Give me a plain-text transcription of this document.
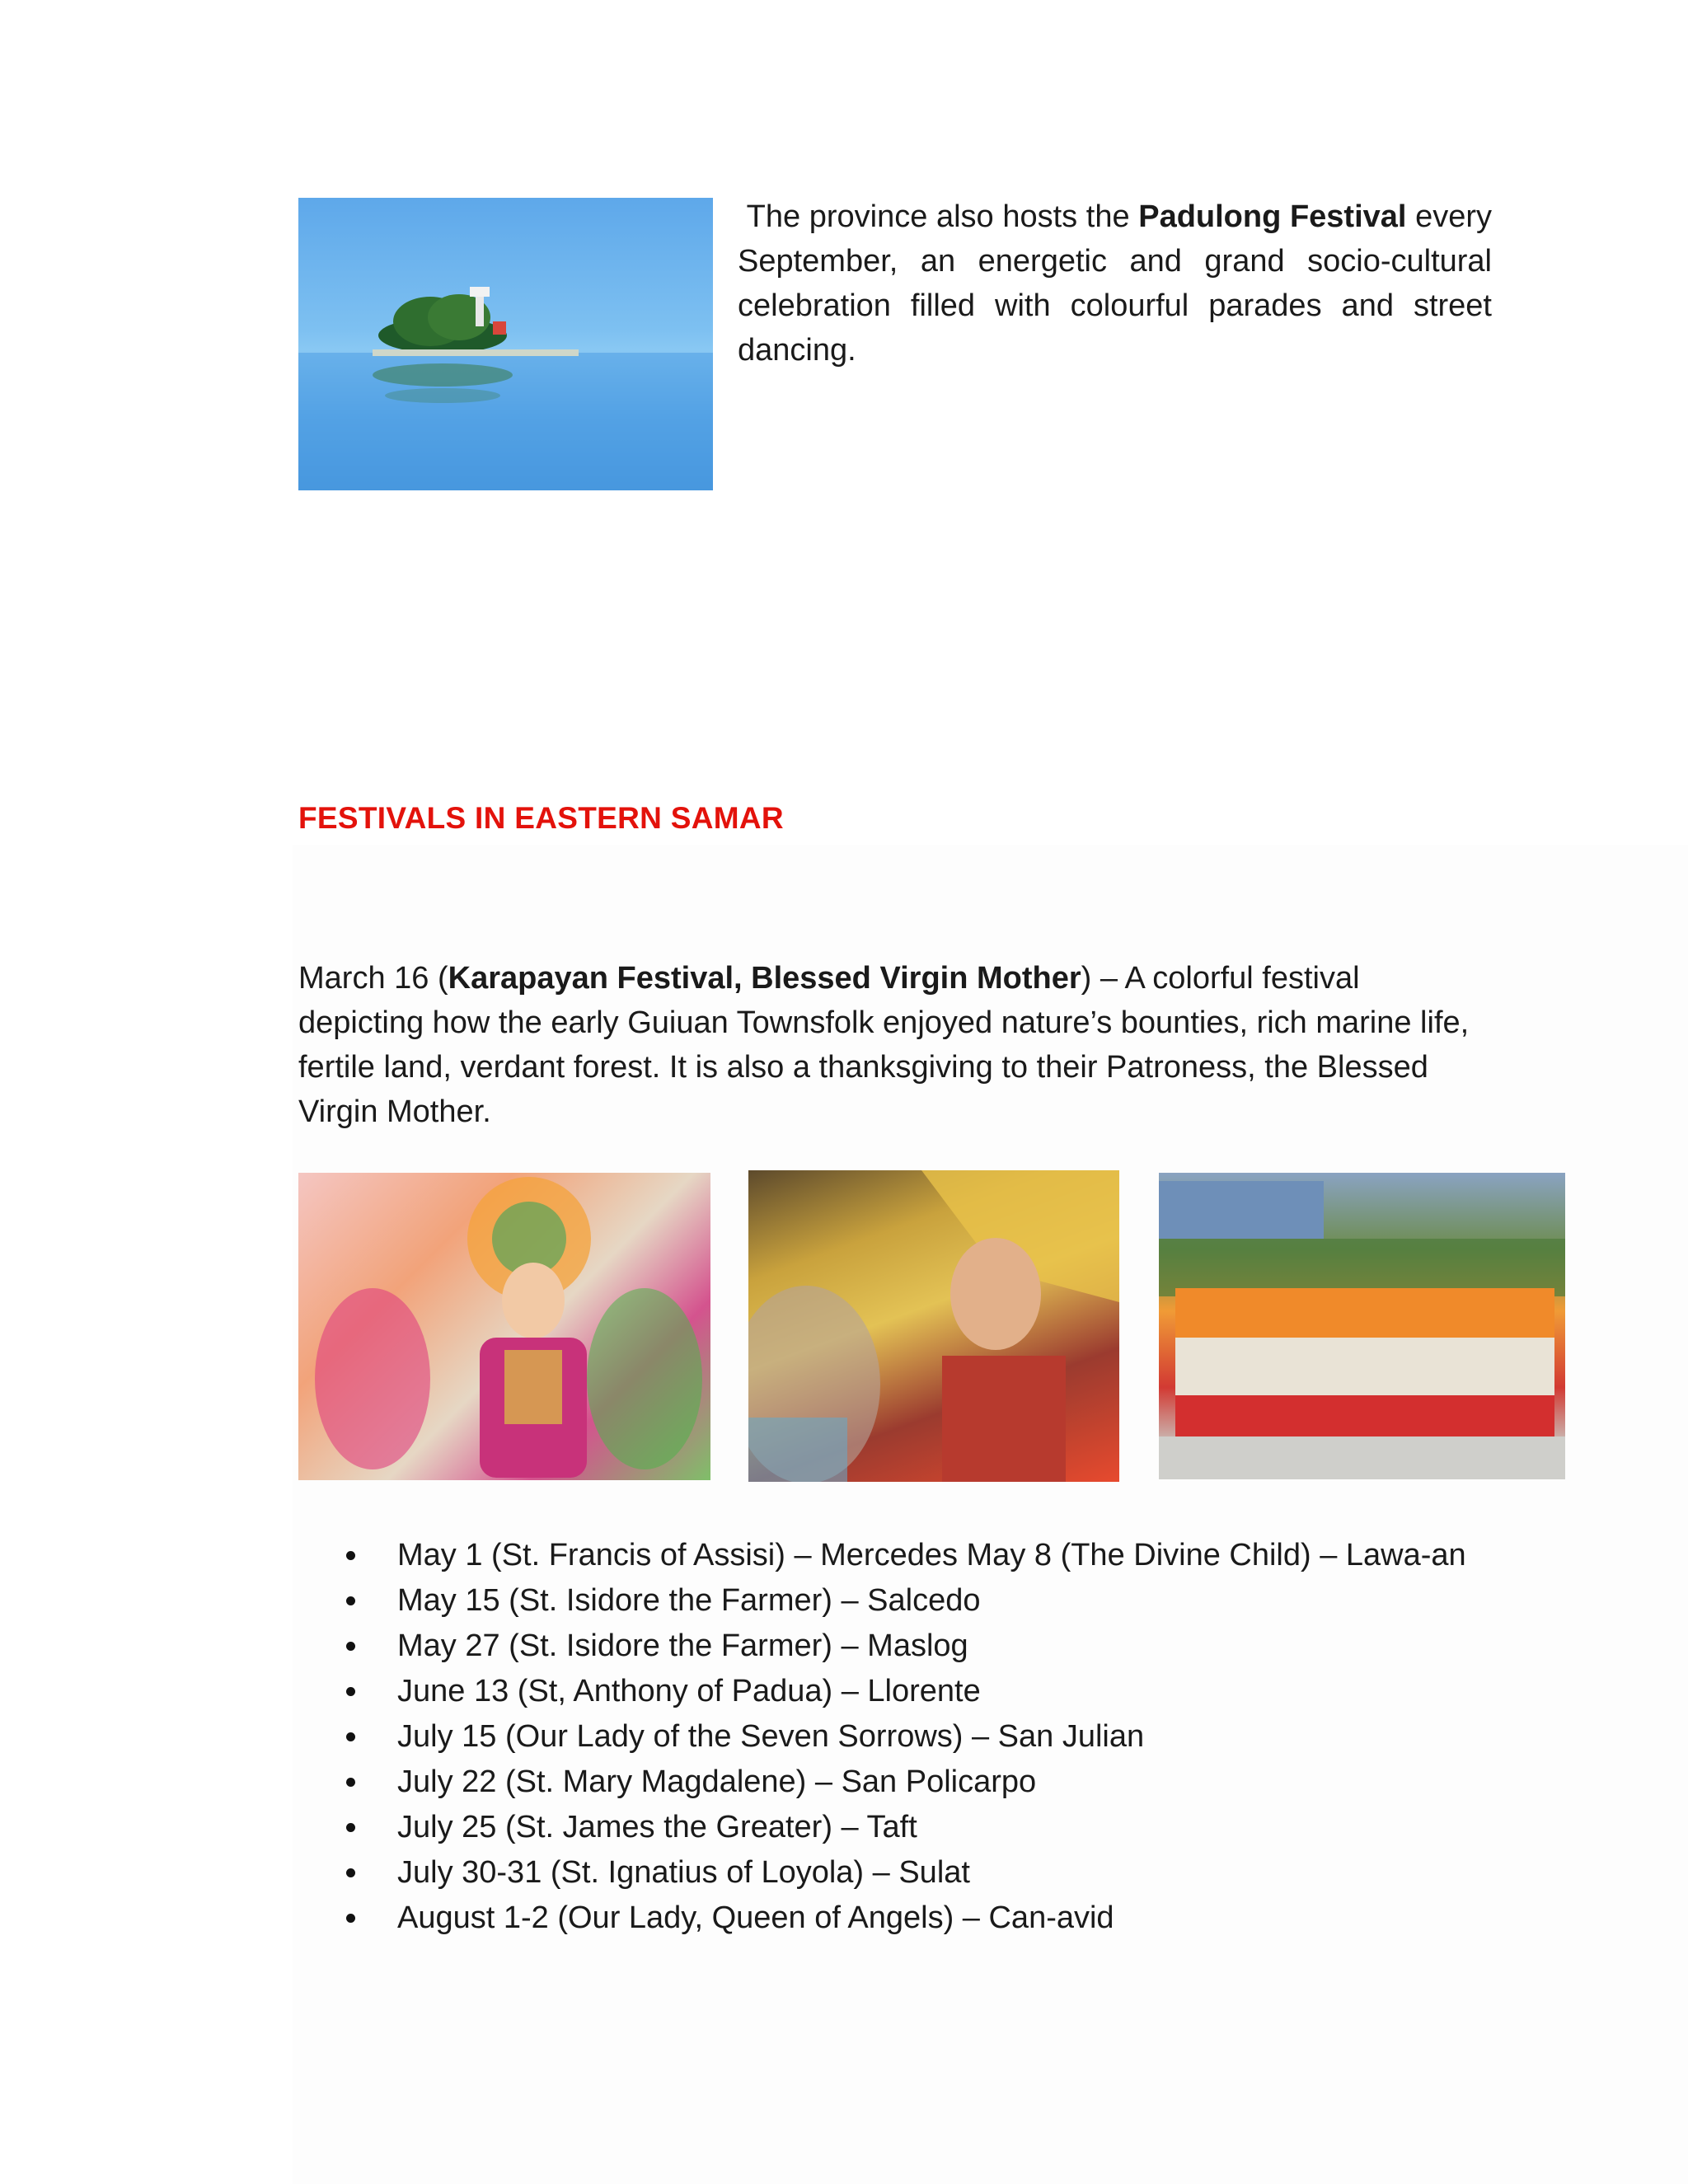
The province also hosts the Padulong Festival every September, an energetic and grand socio-cultural celebration filled with colourful parades and street dancing.
FESTIVALS IN EASTERN SAMAR
March 16 (Karapayan Festival, Blessed Virgin Mother) – A colorful festival depicting how the early Guiuan Townsfolk enjoyed nature’s bounties, rich marine life, fertile land, verdant forest. It is also a thanksgiving to their Patroness, the Blessed Virgin Mother.
May 1 (St. Francis of Assisi) – Mercedes May 8 (The Divine Child) – Lawa-an
May 15 (St. Isidore the Farmer) – Salcedo
May 27 (St. Isidore the Farmer) – Maslog
June 13 (St, Anthony of Padua) – Llorente
July 15 (Our Lady of the Seven Sorrows) – San Julian
July 22 (St. Mary Magdalene) – San Policarpo
July 25 (St. James the Greater) – Taft
July 30-31 (St. Ignatius of Loyola) – Sulat
August 1-2 (Our Lady, Queen of Angels) – Can-avid
